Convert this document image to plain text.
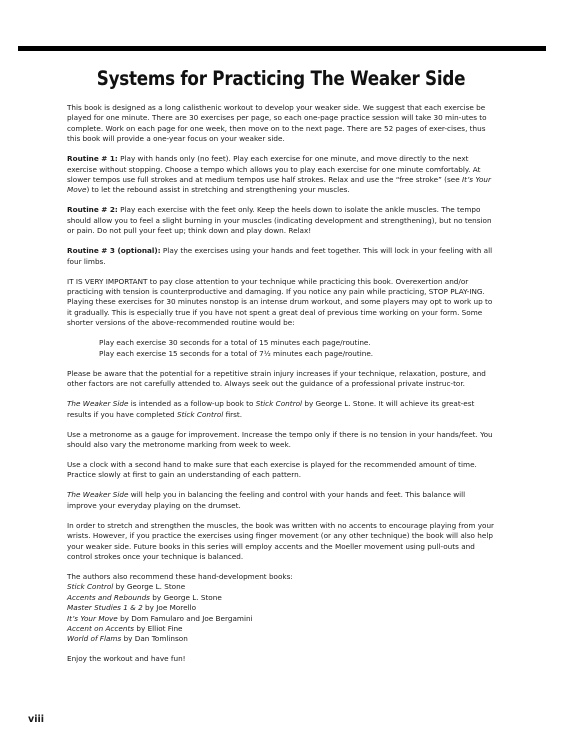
Systems for Practicing The Weaker Side

This book is designed as a long calisthenic workout to develop your weaker side. We suggest that each exercise be played for one minute. There are 30 exercises per page, so each one-page practice session will take 30 min-utes to complete. Work on each page for one week, then move on to the next page. There are 52 pages of exer-cises, thus this book will provide a one-year focus on your weaker side.

Routine # 1: Play with hands only (no feet). Play each exercise for one minute, and move directly to the next exercise without stopping. Choose a tempo which allows you to play each exercise for one minute comfortably. At slower tempos use full strokes and at medium tempos use half strokes. Relax and use the “free stroke” (see It’s Your Move) to let the rebound assist in stretching and strengthening your muscles.

Routine # 2: Play each exercise with the feet only. Keep the heels down to isolate the ankle muscles. The tempo should allow you to feel a slight burning in your muscles (indicating development and strengthening), but no tension or pain. Do not pull your feet up; think down and play down. Relax!

Routine # 3 (optional): Play the exercises using your hands and feet together. This will lock in your feeling with all four limbs.

IT IS VERY IMPORTANT to pay close attention to your technique while practicing this book. Overexertion and/or practicing with tension is counterproductive and damaging. If you notice any pain while practicing, STOP PLAY-ING. Playing these exercises for 30 minutes nonstop is an intense drum workout, and some players may opt to work up to it gradually. This is especially true if you have not spent a great deal of previous time working on your form. Some shorter versions of the above-recommended routine would be:

Play each exercise 30 seconds for a total of 15 minutes each page/routine.
Play each exercise 15 seconds for a total of 7½ minutes each page/routine.

Please be aware that the potential for a repetitive strain injury increases if your technique, relaxation, posture, and other factors are not carefully attended to. Always seek out the guidance of a professional private instruc-tor.

The Weaker Side is intended as a follow-up book to Stick Control by George L. Stone. It will achieve its great-est results if you have completed Stick Control first.

Use a metronome as a gauge for improvement. Increase the tempo only if there is no tension in your hands/feet. You should also vary the metronome marking from week to week.

Use a clock with a second hand to make sure that each exercise is played for the recommended amount of time. Practice slowly at first to gain an understanding of each pattern.

The Weaker Side will help you in balancing the feeling and control with your hands and feet. This balance will improve your everyday playing on the drumset.

In order to stretch and strengthen the muscles, the book was written with no accents to encourage playing from your wrists. However, if you practice the exercises using finger movement (or any other technique) the book will also help your weaker side. Future books in this series will employ accents and the Moeller movement using pull-outs and control strokes once your technique is balanced.

The authors also recommend these hand-development books:
Stick Control by George L. Stone
Accents and Rebounds by George L. Stone
Master Studies 1 & 2 by Joe Morello
It’s Your Move by Dom Famularo and Joe Bergamini
Accent on Accents by Elliot Fine
World of Flams by Dan Tomlinson

Enjoy the workout and have fun!

viii
